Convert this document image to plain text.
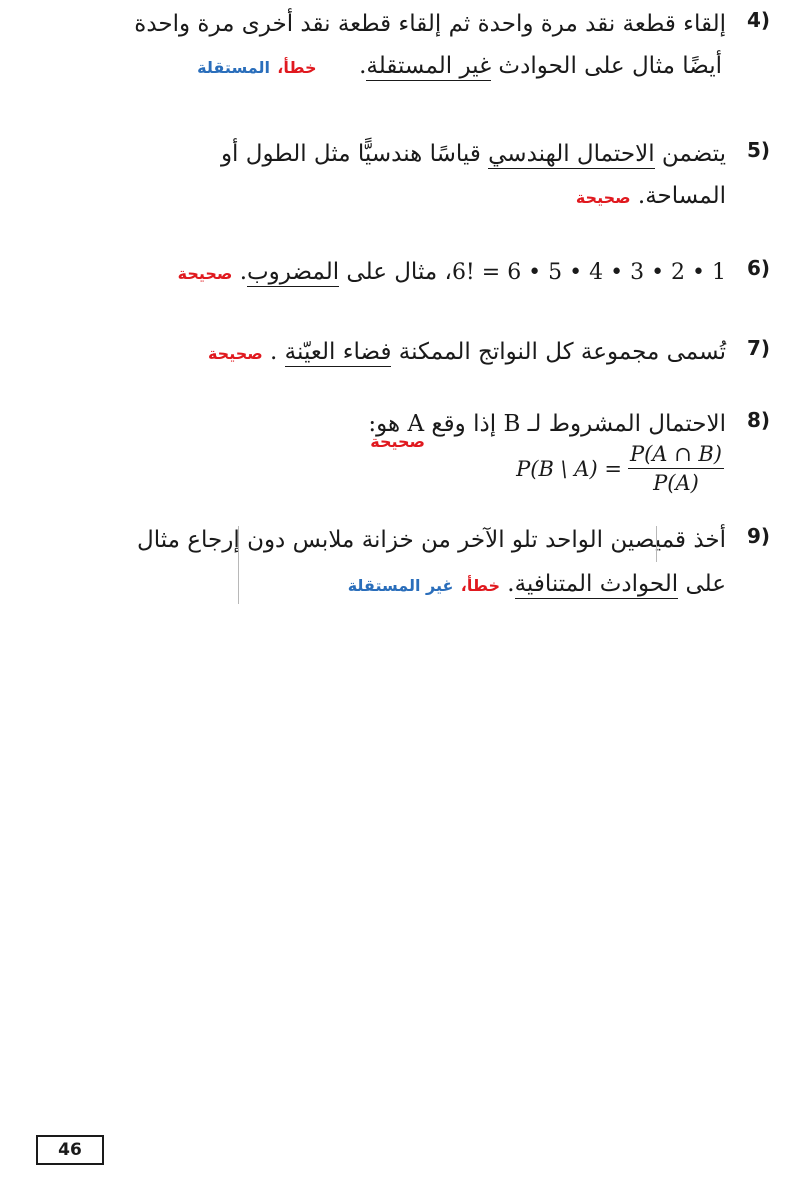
4)
إلقاء قطعة نقد مرة واحدة ثم إلقاء قطعة نقد أخرى مرة واحدة
أيضًا مثال على الحوادث غير المستقلة.  خطأ، المستقلة
5)
يتضمن الاحتمال الهندسي قياسًا هندسيًّا مثل الطول أو
المساحة. صحيحة
6)
6! = 6 • 5 • 4 • 3 • 2 • 1، مثال على المضروب. صحيحة
7)
تُسمى مجموعة كل النواتج الممكنة فضاء العيّنة . صحيحة
8)
الاحتمال المشروط لـ B إذا وقع A هو:
P(B \ $A) = \frac{P(A \cap B)}{P(A)}$
صحيحة
9)
أخذ قميصين الواحد تلو الآخر من خزانة ملابس دون إرجاع مثال
على الحوادث المتنافية. خطأ، غير المستقلة
46
